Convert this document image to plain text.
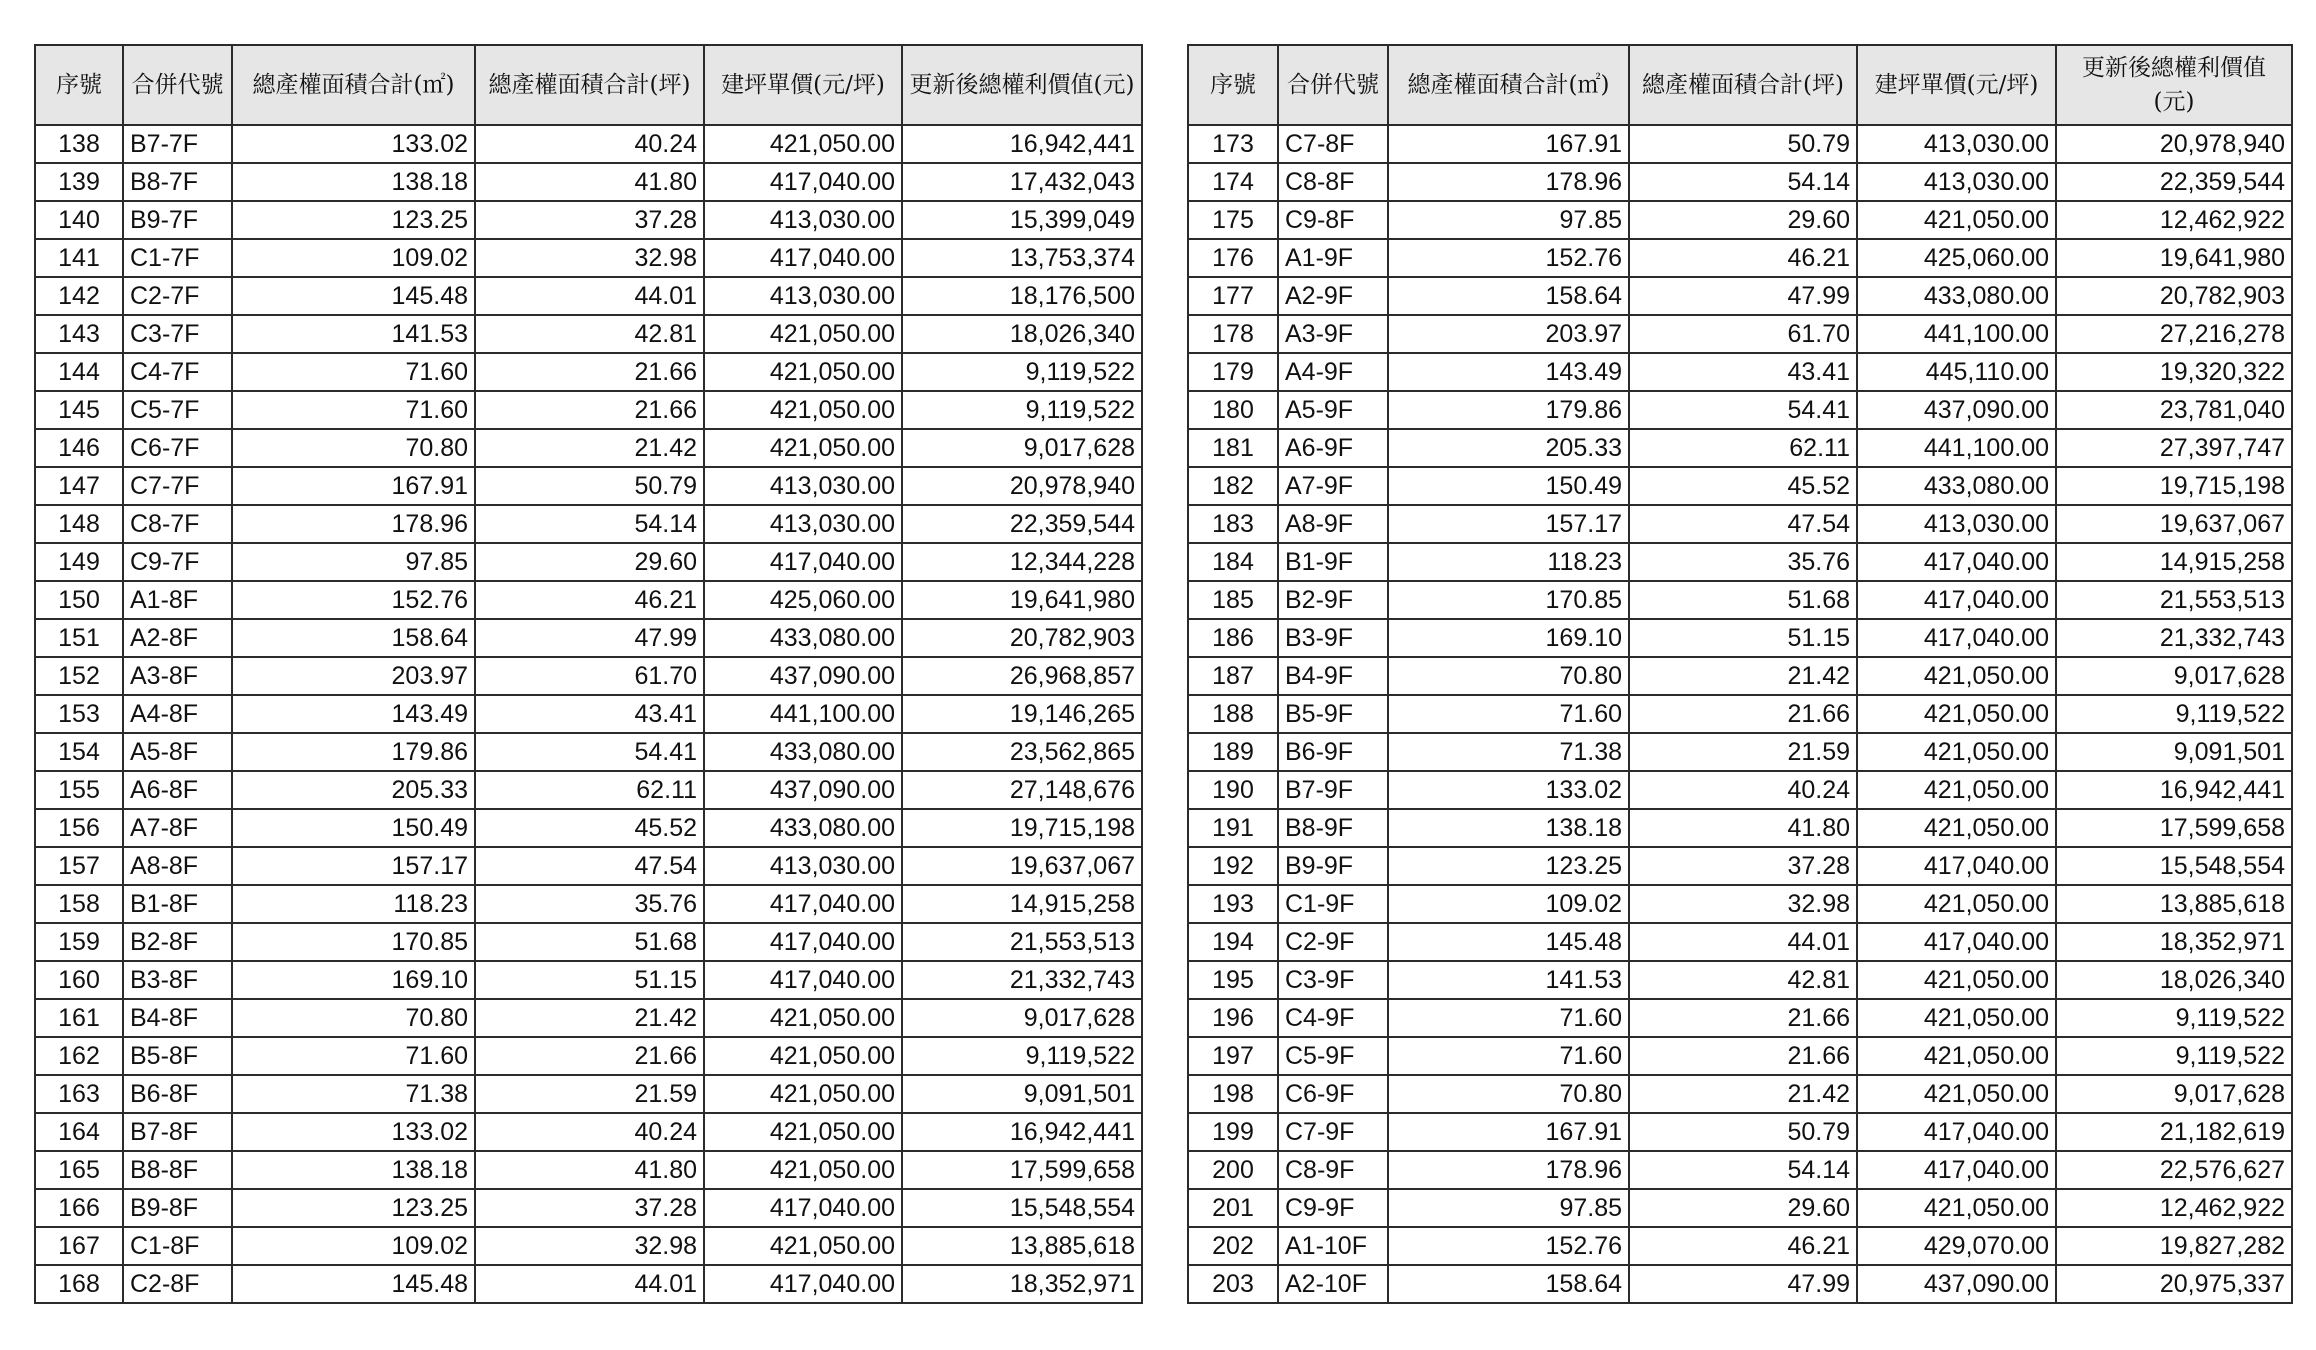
序號	合併代號	總產權面積合計(㎡)	總產權面積合計(坪)	建坪單價(元/坪)	更新後總權利價值(元)
138	B7-7F	133.02	40.24	421,050.00	16,942,441
139	B8-7F	138.18	41.80	417,040.00	17,432,043
140	B9-7F	123.25	37.28	413,030.00	15,399,049
141	C1-7F	109.02	32.98	417,040.00	13,753,374
142	C2-7F	145.48	44.01	413,030.00	18,176,500
143	C3-7F	141.53	42.81	421,050.00	18,026,340
144	C4-7F	71.60	21.66	421,050.00	9,119,522
145	C5-7F	71.60	21.66	421,050.00	9,119,522
146	C6-7F	70.80	21.42	421,050.00	9,017,628
147	C7-7F	167.91	50.79	413,030.00	20,978,940
148	C8-7F	178.96	54.14	413,030.00	22,359,544
149	C9-7F	97.85	29.60	417,040.00	12,344,228
150	A1-8F	152.76	46.21	425,060.00	19,641,980
151	A2-8F	158.64	47.99	433,080.00	20,782,903
152	A3-8F	203.97	61.70	437,090.00	26,968,857
153	A4-8F	143.49	43.41	441,100.00	19,146,265
154	A5-8F	179.86	54.41	433,080.00	23,562,865
155	A6-8F	205.33	62.11	437,090.00	27,148,676
156	A7-8F	150.49	45.52	433,080.00	19,715,198
157	A8-8F	157.17	47.54	413,030.00	19,637,067
158	B1-8F	118.23	35.76	417,040.00	14,915,258
159	B2-8F	170.85	51.68	417,040.00	21,553,513
160	B3-8F	169.10	51.15	417,040.00	21,332,743
161	B4-8F	70.80	21.42	421,050.00	9,017,628
162	B5-8F	71.60	21.66	421,050.00	9,119,522
163	B6-8F	71.38	21.59	421,050.00	9,091,501
164	B7-8F	133.02	40.24	421,050.00	16,942,441
165	B8-8F	138.18	41.80	421,050.00	17,599,658
166	B9-8F	123.25	37.28	417,040.00	15,548,554
167	C1-8F	109.02	32.98	421,050.00	13,885,618
168	C2-8F	145.48	44.01	417,040.00	18,352,971
序號	合併代號	總產權面積合計(㎡)	總產權面積合計(坪)	建坪單價(元/坪)	更新後總權利價值(元)
173	C7-8F	167.91	50.79	413,030.00	20,978,940
174	C8-8F	178.96	54.14	413,030.00	22,359,544
175	C9-8F	97.85	29.60	421,050.00	12,462,922
176	A1-9F	152.76	46.21	425,060.00	19,641,980
177	A2-9F	158.64	47.99	433,080.00	20,782,903
178	A3-9F	203.97	61.70	441,100.00	27,216,278
179	A4-9F	143.49	43.41	445,110.00	19,320,322
180	A5-9F	179.86	54.41	437,090.00	23,781,040
181	A6-9F	205.33	62.11	441,100.00	27,397,747
182	A7-9F	150.49	45.52	433,080.00	19,715,198
183	A8-9F	157.17	47.54	413,030.00	19,637,067
184	B1-9F	118.23	35.76	417,040.00	14,915,258
185	B2-9F	170.85	51.68	417,040.00	21,553,513
186	B3-9F	169.10	51.15	417,040.00	21,332,743
187	B4-9F	70.80	21.42	421,050.00	9,017,628
188	B5-9F	71.60	21.66	421,050.00	9,119,522
189	B6-9F	71.38	21.59	421,050.00	9,091,501
190	B7-9F	133.02	40.24	421,050.00	16,942,441
191	B8-9F	138.18	41.80	421,050.00	17,599,658
192	B9-9F	123.25	37.28	417,040.00	15,548,554
193	C1-9F	109.02	32.98	421,050.00	13,885,618
194	C2-9F	145.48	44.01	417,040.00	18,352,971
195	C3-9F	141.53	42.81	421,050.00	18,026,340
196	C4-9F	71.60	21.66	421,050.00	9,119,522
197	C5-9F	71.60	21.66	421,050.00	9,119,522
198	C6-9F	70.80	21.42	421,050.00	9,017,628
199	C7-9F	167.91	50.79	417,040.00	21,182,619
200	C8-9F	178.96	54.14	417,040.00	22,576,627
201	C9-9F	97.85	29.60	421,050.00	12,462,922
202	A1-10F	152.76	46.21	429,070.00	19,827,282
203	A2-10F	158.64	47.99	437,090.00	20,975,337
